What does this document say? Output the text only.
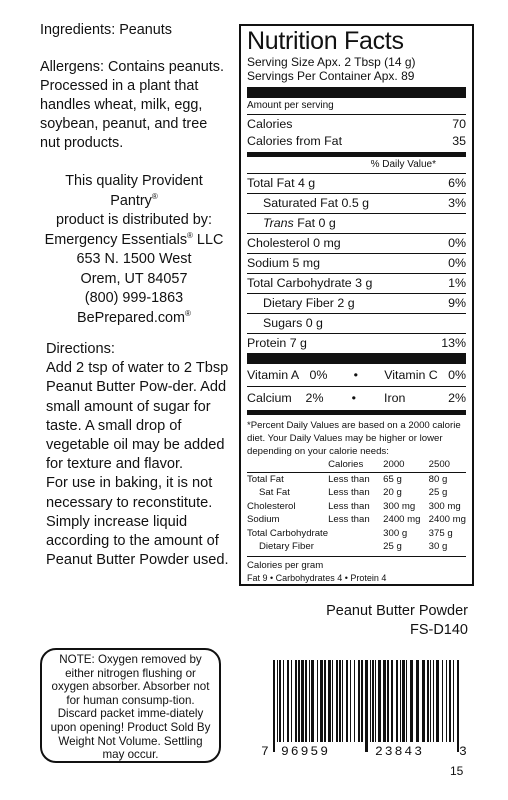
Ingredients: Peanuts
Allergens: Contains peanuts. Processed in a plant that handles wheat, milk, egg, soybean, peanut, and tree nut products.
This quality Provident
Pantry®
product is distributed by:
Emergency Essentials® LLC
653 N. 1500 West
Orem, UT 84057
(800) 999-1863
BePrepared.com®

Directions:

Add 2 tsp of water to 2 Tbsp Peanut Butter Pow-der. Add small amount of sugar for taste. A small drop of vegetable oil may be added for texture and flavor.

For use in baking, it is not necessary to reconstitute. Simply increase liquid according to the amount of Peanut Butter Powder used.

Nutrition Facts
Serving Size Apx. 2 Tbsp (14 g)
Servings Per Container Apx. 89
Amount per serving
Calories	70
Calories from Fat	35
% Daily Value*
Total Fat 4 g	6%
Saturated Fat 0.5 g	3%
Trans Fat 0 g
Cholesterol 0 mg	0%
Sodium 5 mg	0%
Total Carbohydrate 3 g	1%
Dietary Fiber 2 g	9%
Sugars 0 g
Protein 7 g	13%
Vitamin A 0% • Vitamin C 0%
Calcium 2% • Iron	2%
*Percent Daily Values are based on a 2000 calorie diet. Your Daily Values may be higher or lower depending on your calorie needs:
	Calories	2000	2500
Total Fat	Less than	65 g	80 g
Sat Fat	Less than	20 g	25 g
Cholesterol	Less than	300 mg	300 mg
Sodium	Less than	2400 mg	2400 mg
Total Carbohydrate		300 g	375 g
Dietary Fiber		25 g	30 g
Calories per gram
Fat 9 • Carbohydrates 4 • Protein 4
Peanut Butter Powder
FS-D140
NOTE: Oxygen removed by either nitrogen flushing or oxygen absorber. Absorber not for human consump-tion. Discard packet imme-diately upon opening! Product Sold By Weight Not Volume. Settling may occur.	7 96959	23843	3
15
